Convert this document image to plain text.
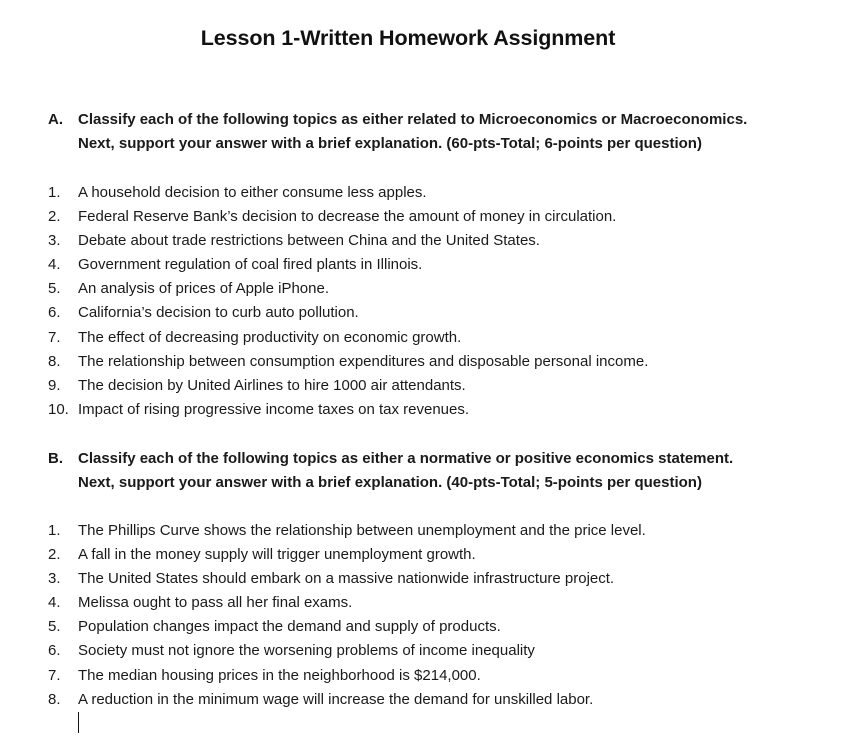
Lesson 1-Written Homework Assignment
A. Classify each of the following topics as either related to Microeconomics or Macroeconomics.
Next, support your answer with a brief explanation. (60-pts-Total; 6-points per question)
1. A household decision to either consume less apples.
2. Federal Reserve Bank’s decision to decrease the amount of money in circulation.
3. Debate about trade restrictions between China and the United States.
4. Government regulation of coal fired plants in Illinois.
5. An analysis of prices of Apple iPhone.
6. California’s decision to curb auto pollution.
7. The effect of decreasing productivity on economic growth.
8. The relationship between consumption expenditures and disposable personal income.
9. The decision by United Airlines to hire 1000 air attendants.
10. Impact of rising progressive income taxes on tax revenues.
B. Classify each of the following topics as either a normative or positive economics statement.
Next, support your answer with a brief explanation. (40-pts-Total; 5-points per question)
1. The Phillips Curve shows the relationship between unemployment and the price level.
2. A fall in the money supply will trigger unemployment growth.
3. The United States should embark on a massive nationwide infrastructure project.
4. Melissa ought to pass all her final exams.
5. Population changes impact the demand and supply of products.
6. Society must not ignore the worsening problems of income inequality
7. The median housing prices in the neighborhood is $214,000.
8. A reduction in the minimum wage will increase the demand for unskilled labor.
